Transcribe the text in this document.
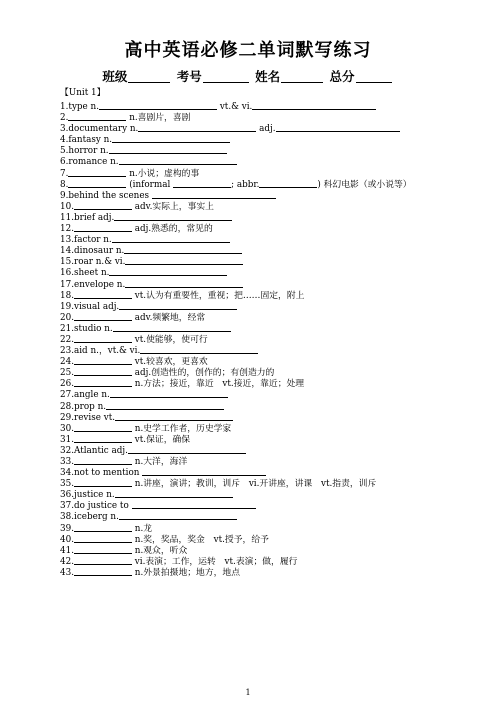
高中英语必修二单词默写练习
班级	考号	姓名	总分
【Unit 1】
1.type n.	vt.& vi.
2.	n.喜剧片，喜剧
3.documentary n.	adj.
4.fantasy n.
5.horror n.
6.romance n.
7.	n.小说；虚构的事
8.	(informal	; abbr.	) 科幻电影（或小说等）
9.behind the scenes
10.	adv.实际上，事实上
11.brief adj.
12.	adj.熟悉的，常见的
13.factor n.
14.dinosaur n.
15.roar n.& vi.
16.sheet n.
17.envelope n.
18.	vt.认为有重要性，重视；把……固定，附上
19.visual adj.
20.	adv.频繁地，经常
21.studio n.
22.	vt.使能够，使可行
23.aid n.，vt.& vi.
24.	vt.较喜欢，更喜欢
25.	adj.创造性的，创作的；有创造力的
26.	n.方法；接近，靠近　vt.接近，靠近；处理
27.angle n.
28.prop n.
29.revise vt.
30.	n.史学工作者，历史学家
31.	vt.保证，确保
32.Atlantic adj.
33.	n.大洋，海洋
34.not to mention
35.	n.讲座，演讲；教训，训斥　vi.开讲座，讲课　vt.指责，训斥
36.justice n.
37.do justice to
38.iceberg n.
39.	n.龙
40.	n.奖，奖品，奖金　vt.授予，给予
41.	n.观众，听众
42.	vi.表演；工作，运转　vt.表演；做，履行
43.	n.外景拍摄地；地方，地点
1
